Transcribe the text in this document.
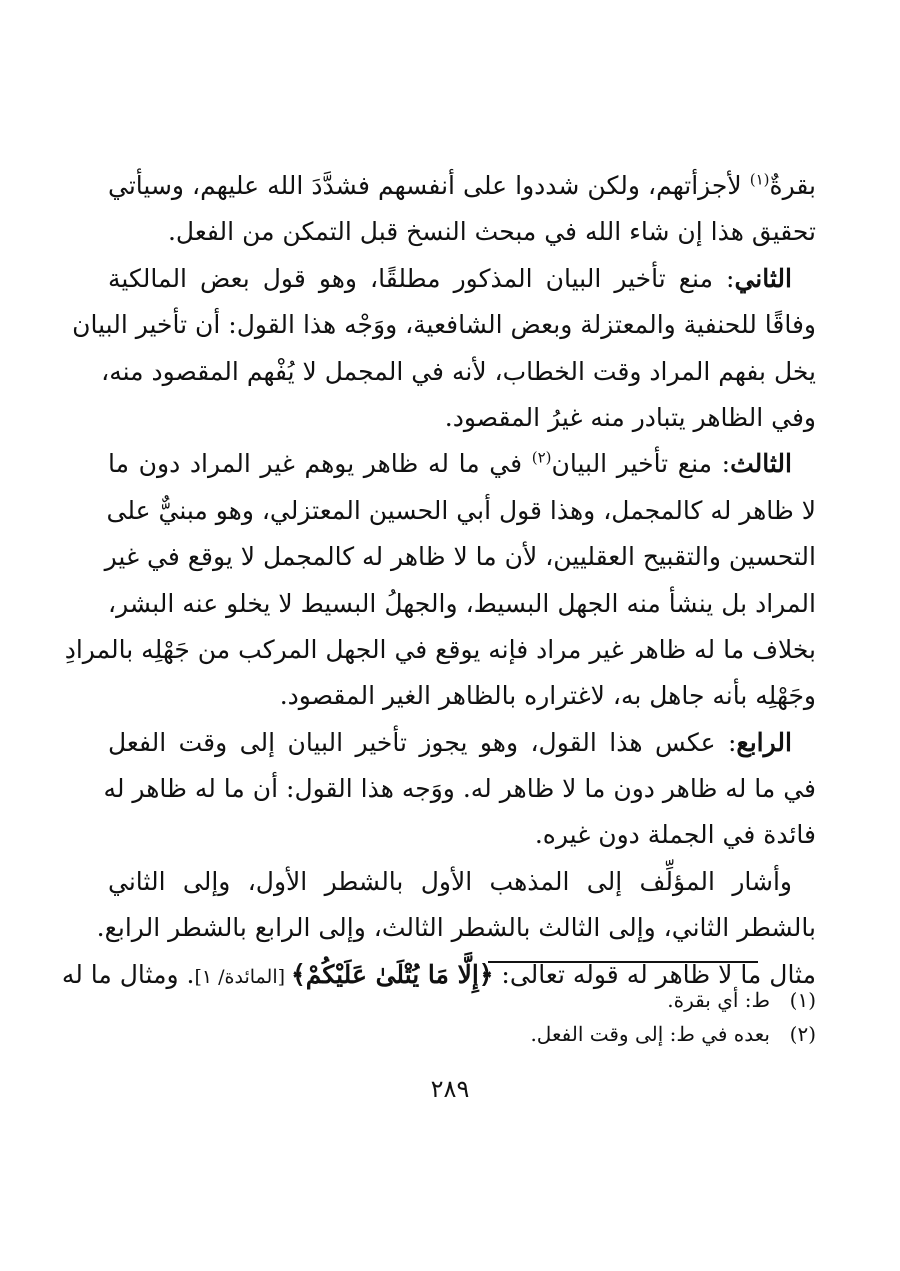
بقرةٌ$^{(١)}$ لأجزأتهم، ولكن شددوا على أنفسهم فشدَّدَ الله عليهم، وسيأتي
تحقيق هذا إن شاء الله في مبحث النسخ قبل التمكن من الفعل.
الثاني: منع تأخير البيان المذكور مطلقًا، وهو قول بعض المالكية
وفاقًا للحنفية والمعتزلة وبعض الشافعية، ووَجْه هذا القول: أن تأخير البيان
يخل بفهم المراد وقت الخطاب، لأنه في المجمل لا يُفْهم المقصود منه،
وفي الظاهر يتبادر منه غيرُ المقصود.
الثالث: منع تأخير البيان$^{(٢)}$ في ما له ظاهر يوهم غير المراد دون ما
لا ظاهر له كالمجمل، وهذا قول أبي الحسين المعتزلي، وهو مبنيٌّ على
التحسين والتقبيح العقليين، لأن ما لا ظاهر له كالمجمل لا يوقع في غير
المراد بل ينشأ منه الجهل البسيط، والجهلُ البسيط لا يخلو عنه البشر،
بخلاف ما له ظاهر غير مراد فإنه يوقع في الجهل المركب من جَهْلِه بالمرادِ
وجَهْلِه بأنه جاهل به، لاغتراره بالظاهر الغير المقصود.
الرابع: عكس هذا القول، وهو يجوز تأخير البيان إلى وقت الفعل
في ما له ظاهر دون ما لا ظاهر له. ووَجه هذا القول: أن ما له ظاهر له
فائدة في الجملة دون غيره.
وأشار المؤلِّف إلى المذهب الأول بالشطر الأول، وإلى الثاني
بالشطر الثاني، وإلى الثالث بالشطر الثالث، وإلى الرابع بالشطر الرابع.
مثال ما لا ظاهر له قوله تعالى: ﴿إِلَّا مَا يُتْلَىٰ عَلَيْكُمْ﴾ [المائدة/ ١]. ومثال ما له
(١)ط: أي بقرة.
(٢)بعده في ط: إلى وقت الفعل.
٢٨٩
